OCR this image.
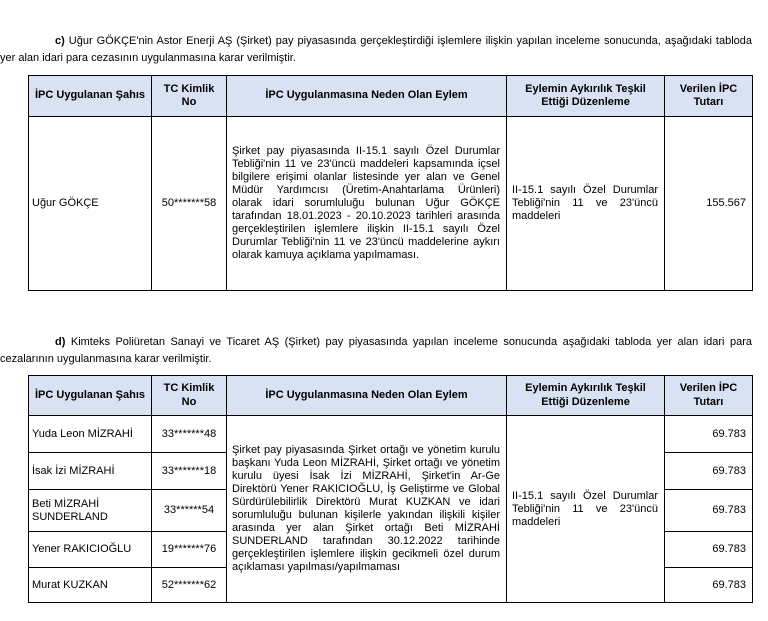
c) Uğur GÖKÇE'nin Astor Enerji AŞ (Şirket) pay piyasasında gerçekleştirdiği işlemlere ilişkin yapılan inceleme sonucunda, aşağıdaki tabloda yer alan idari para cezasının uygulanmasına karar verilmiştir.
İPC Uygulanan Şahıs	TC Kimlik No	İPC Uygulanmasına Neden Olan Eylem	Eylemin Aykırılık Teşkil Ettiği Düzenleme	Verilen İPC Tutarı
Uğur GÖKÇE	50*******58	Şirket pay piyasasında II-15.1 sayılı Özel Durumlar Tebliği'nin 11 ve 23'üncü maddeleri kapsamında içsel bilgilere erişimi olanlar listesinde yer alan ve Genel Müdür Yardımcısı (Üretim-Anahtarlama Ürünleri) olarak idari sorumluluğu bulunan Uğur GÖKÇE tarafından 18.01.2023 - 20.10.2023 tarihleri arasında gerçekleştirilen işlemlere ilişkin II-15.1 sayılı Özel Durumlar Tebliği'nin 11 ve 23'üncü maddelerine aykırı olarak kamuya açıklama yapılmaması.	II-15.1 sayılı Özel Durumlar Tebliği'nin 11 ve 23'üncü maddeleri	155.567
d) Kimteks Poliüretan Sanayi ve Ticaret AŞ (Şirket) pay piyasasında yapılan inceleme sonucunda aşağıdaki tabloda yer alan idari para cezalarının uygulanmasına karar verilmiştir.
İPC Uygulanan Şahıs	TC Kimlik No	İPC Uygulanmasına Neden Olan Eylem	Eylemin Aykırılık Teşkil Ettiği Düzenleme	Verilen İPC Tutarı
Yuda Leon MİZRAHİ	33*******48	Şirket pay piyasasında Şirket ortağı ve yönetim kurulu başkanı Yuda Leon MİZRAHİ, Şirket ortağı ve yönetim kurulu üyesi İsak İzi MİZRAHİ, Şirket'in Ar-Ge Direktörü Yener RAKICIOĞLU, İş Geliştirme ve Global Sürdürülebilirlik Direktörü Murat KUZKAN ve idari sorumluluğu bulunan kişilerle yakından ilişkili kişiler arasında yer alan Şirket ortağı Beti MİZRAHİ SUNDERLAND tarafından 30.12.2022 tarihinde gerçekleştirilen işlemlere ilişkin gecikmeli özel durum açıklaması yapılması/yapılmaması	II-15.1 sayılı Özel Durumlar Tebliği'nin 11 ve 23'üncü maddeleri	69.783
İsak İzi MİZRAHİ	33*******18			69.783
Beti MİZRAHİ SUNDERLAND	33******54			69.783
Yener RAKICIOĞLU	19*******76			69.783
Murat KUZKAN	52*******62			69.783
